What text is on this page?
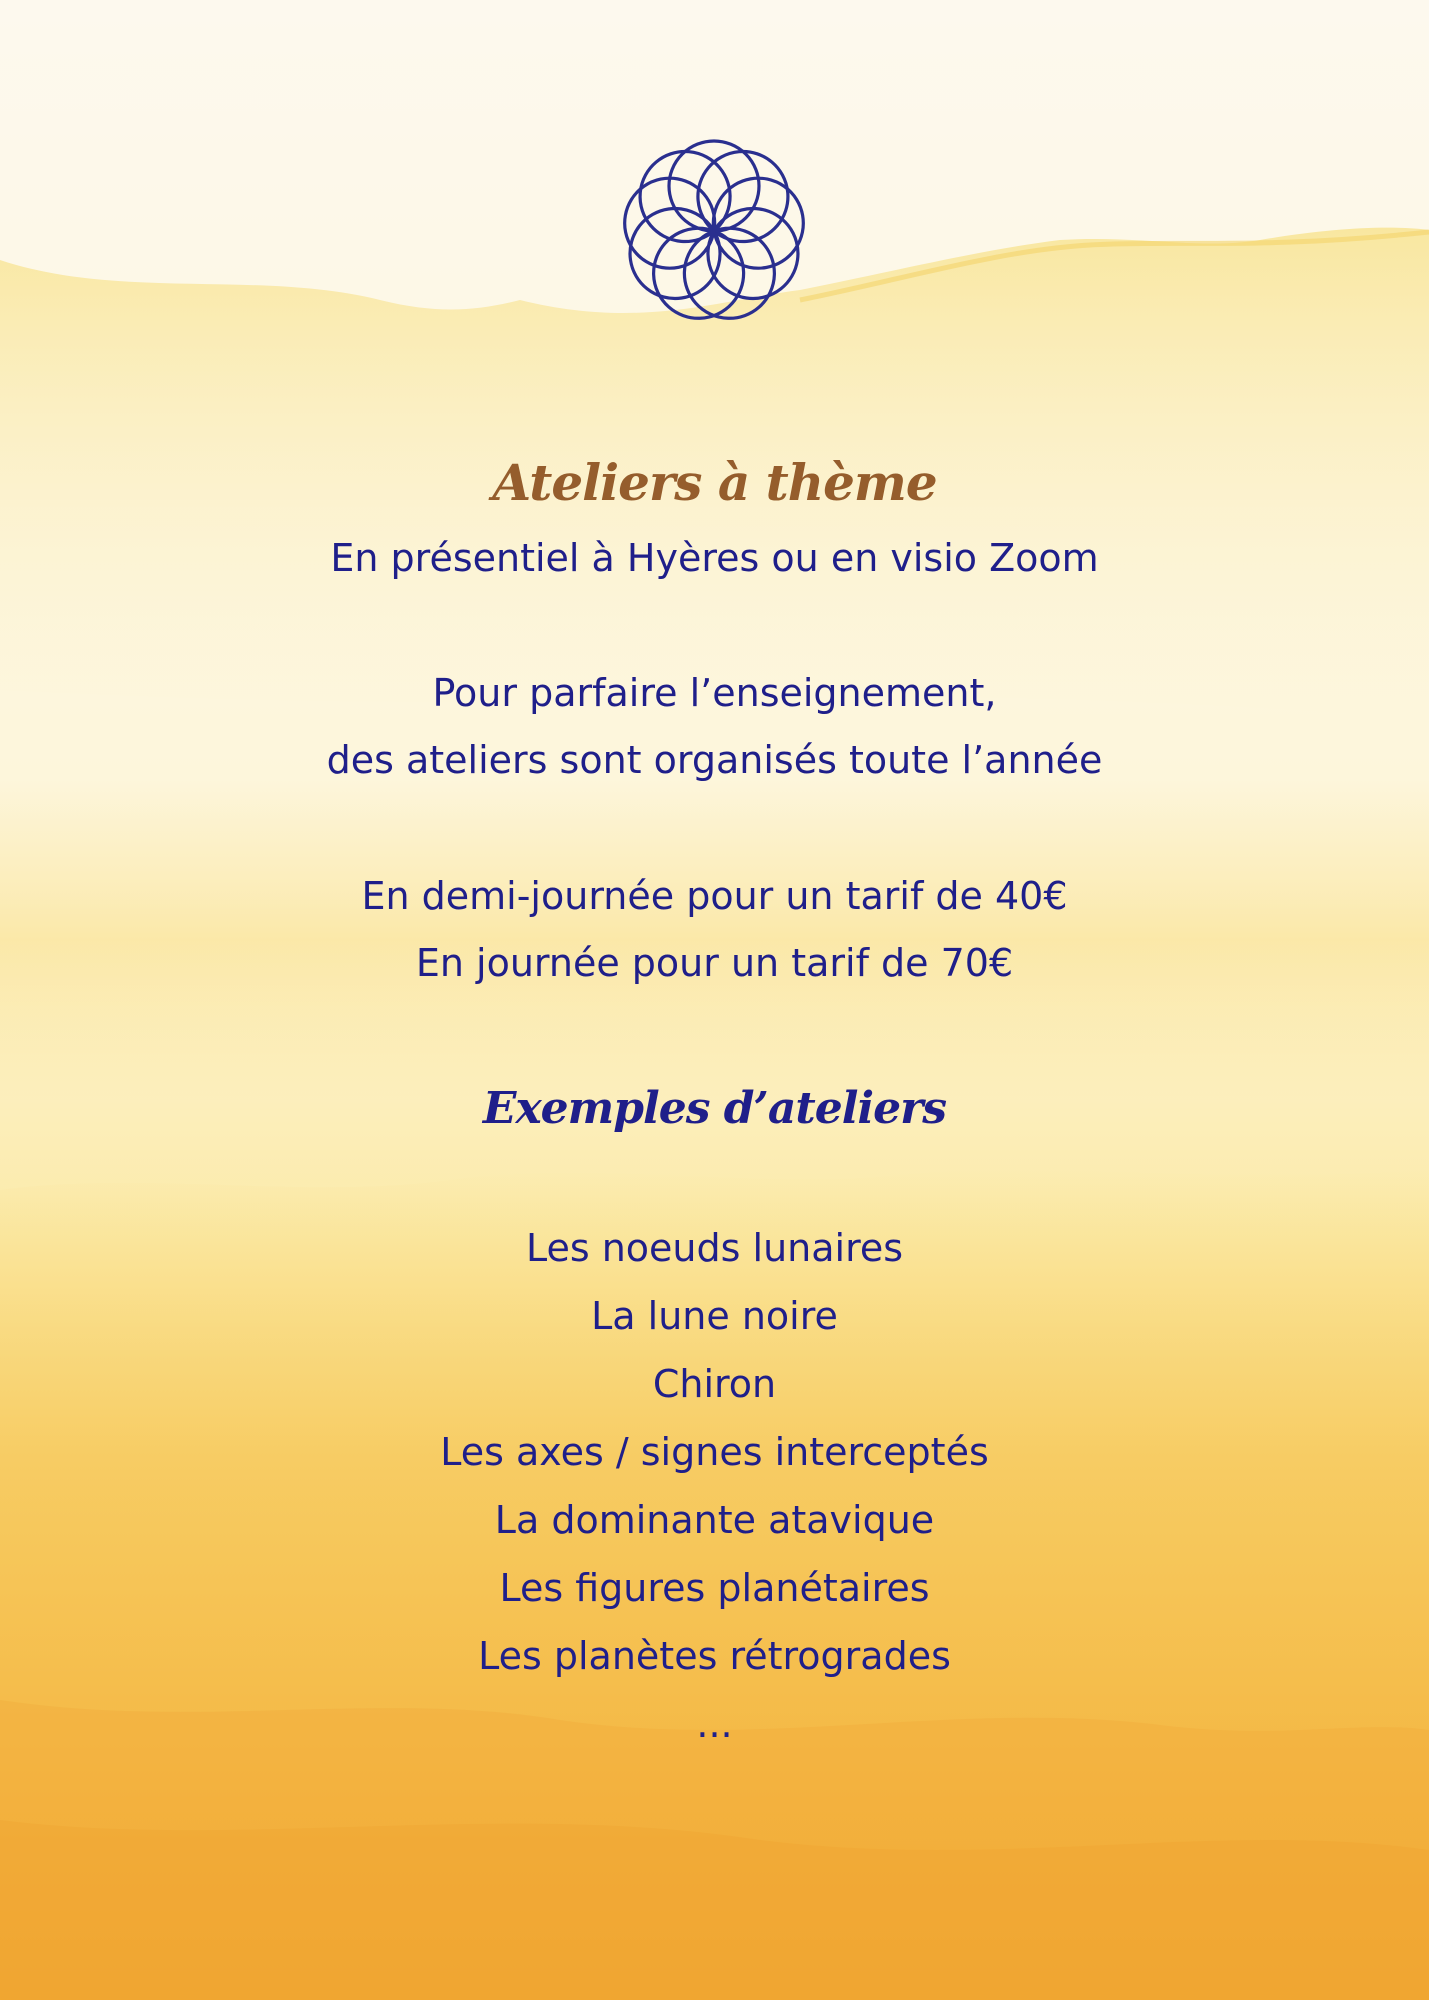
Ateliers à thème
En présentiel à Hyères ou en visio Zoom
Pour parfaire l’enseignement,
des ateliers sont organisés toute l’année
En demi-journée pour un tarif de 40€
En journée pour un tarif de 70€
Exemples d’ateliers
Les noeuds lunaires
La lune noire
Chiron
Les axes / signes interceptés
La dominante atavique
Les figures planétaires
Les planètes rétrogrades
...
